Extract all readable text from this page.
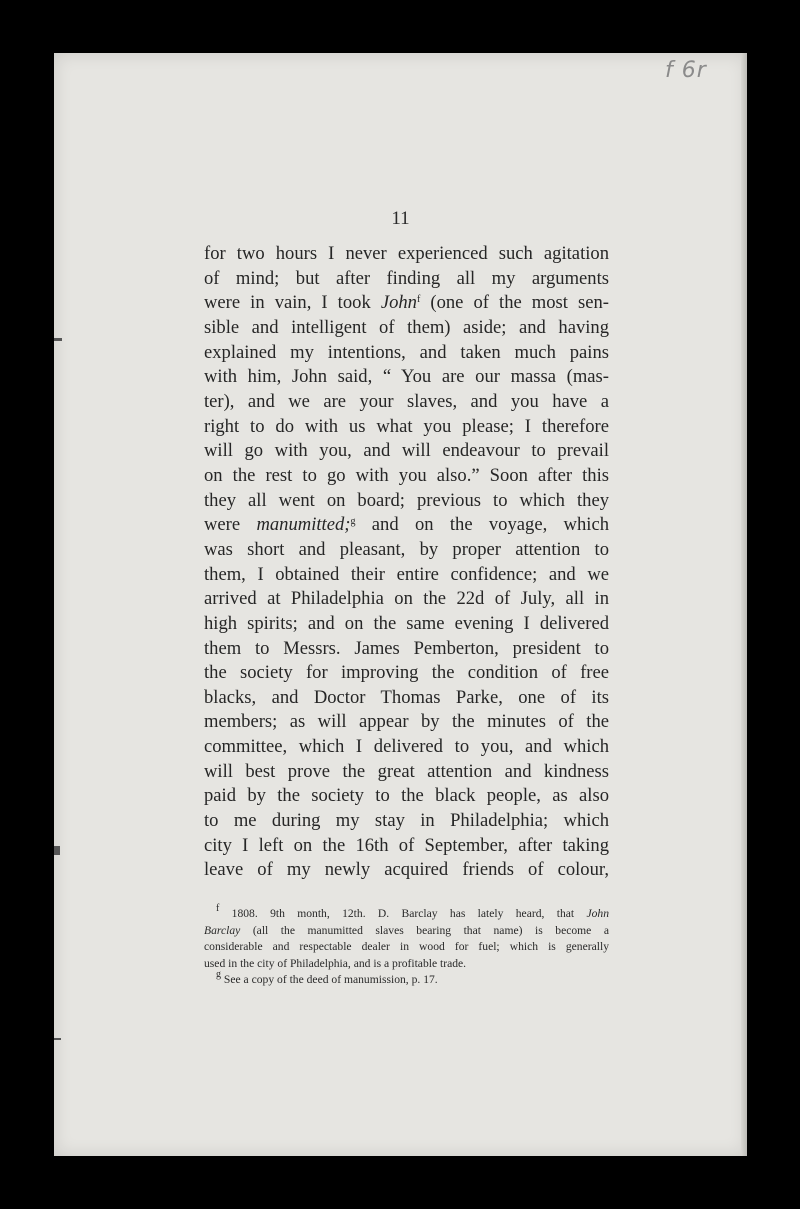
f 6r
11
for two hours I never experienced such agitation
of mind; but after finding all my arguments
were in vain, I took John$^f$ (one of the most sen-
sible and intelligent of them) aside; and having
explained my intentions, and taken much pains
with him, John said, “ You are our massa (mas-
ter), and we are your slaves, and you have a
right to do with us what you please; I therefore
will go with you, and will endeavour to prevail
on the rest to go with you also.” Soon after this
they all went on board; previous to which they
were manumitted;$^g$ and on the voyage, which
was short and pleasant, by proper attention to
them, I obtained their entire confidence; and we
arrived at Philadelphia on the 22d of July, all in
high spirits; and on the same evening I delivered
them to Messrs. James Pemberton, president to
the society for improving the condition of free
blacks, and Doctor Thomas Parke, one of its
members; as will appear by the minutes of the
committee, which I delivered to you, and which
will best prove the great attention and kindness
paid by the society to the black people, as also
to me during my stay in Philadelphia; which
city I left on the 16th of September, after taking
leave of my newly acquired friends of colour,
$^f$ 1808. 9th month, 12th. D. Barclay has lately heard, that John
Barclay (all the manumitted slaves bearing that name) is become a
considerable and respectable dealer in wood for fuel; which is generally
used in the city of Philadelphia, and is a profitable trade.
$^g$ See a copy of the deed of manumission, p. 17.
